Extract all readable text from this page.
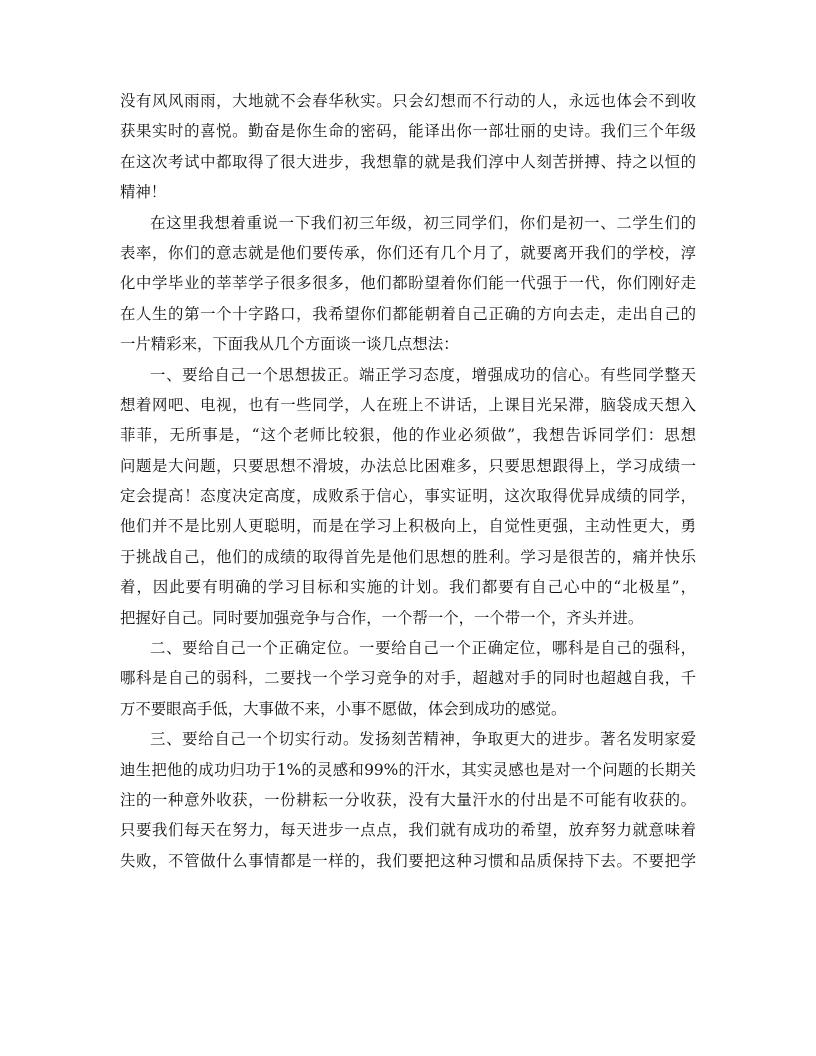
没有风风雨雨，大地就不会春华秋实。只会幻想而不行动的人，永远也体会不到收
获果实时的喜悦。勤奋是你生命的密码，能译出你一部壮丽的史诗。我们三个年级
在这次考试中都取得了很大进步，我想靠的就是我们淳中人刻苦拼搏、持之以恒的
精神！
在这里我想着重说一下我们初三年级，初三同学们，你们是初一、二学生们的
表率，你们的意志就是他们要传承，你们还有几个月了，就要离开我们的学校，淳
化中学毕业的莘莘学子很多很多，他们都盼望着你们能一代强于一代，你们刚好走
在人生的第一个十字路口，我希望你们都能朝着自己正确的方向去走，走出自己的
一片精彩来，下面我从几个方面谈一谈几点想法：
一、要给自己一个思想拔正。端正学习态度，增强成功的信心。有些同学整天
想着网吧、电视，也有一些同学，人在班上不讲话，上课目光呆滞，脑袋成天想入
菲菲，无所事是，“这个老师比较狠，他的作业必须做”，我想告诉同学们：思想
问题是大问题，只要思想不滑坡，办法总比困难多，只要思想跟得上，学习成绩一
定会提高！态度决定高度，成败系于信心，事实证明，这次取得优异成绩的同学，
他们并不是比别人更聪明，而是在学习上积极向上，自觉性更强，主动性更大，勇
于挑战自己，他们的成绩的取得首先是他们思想的胜利。学习是很苦的，痛并快乐
着，因此要有明确的学习目标和实施的计划。我们都要有自己心中的“北极星”，
把握好自己。同时要加强竞争与合作，一个帮一个，一个带一个，齐头并进。
二、要给自己一个正确定位。一要给自己一个正确定位，哪科是自己的强科，
哪科是自己的弱科，二要找一个学习竞争的对手，超越对手的同时也超越自我，千
万不要眼高手低，大事做不来，小事不愿做，体会到成功的感觉。
三、要给自己一个切实行动。发扬刻苦精神，争取更大的进步。著名发明家爱
迪生把他的成功归功于1%的灵感和99%的汗水，其实灵感也是对一个问题的长期关
注的一种意外收获，一份耕耘一分收获，没有大量汗水的付出是不可能有收获的。
只要我们每天在努力，每天进步一点点，我们就有成功的希望，放弃努力就意味着
失败，不管做什么事情都是一样的，我们要把这种习惯和品质保持下去。不要把学
